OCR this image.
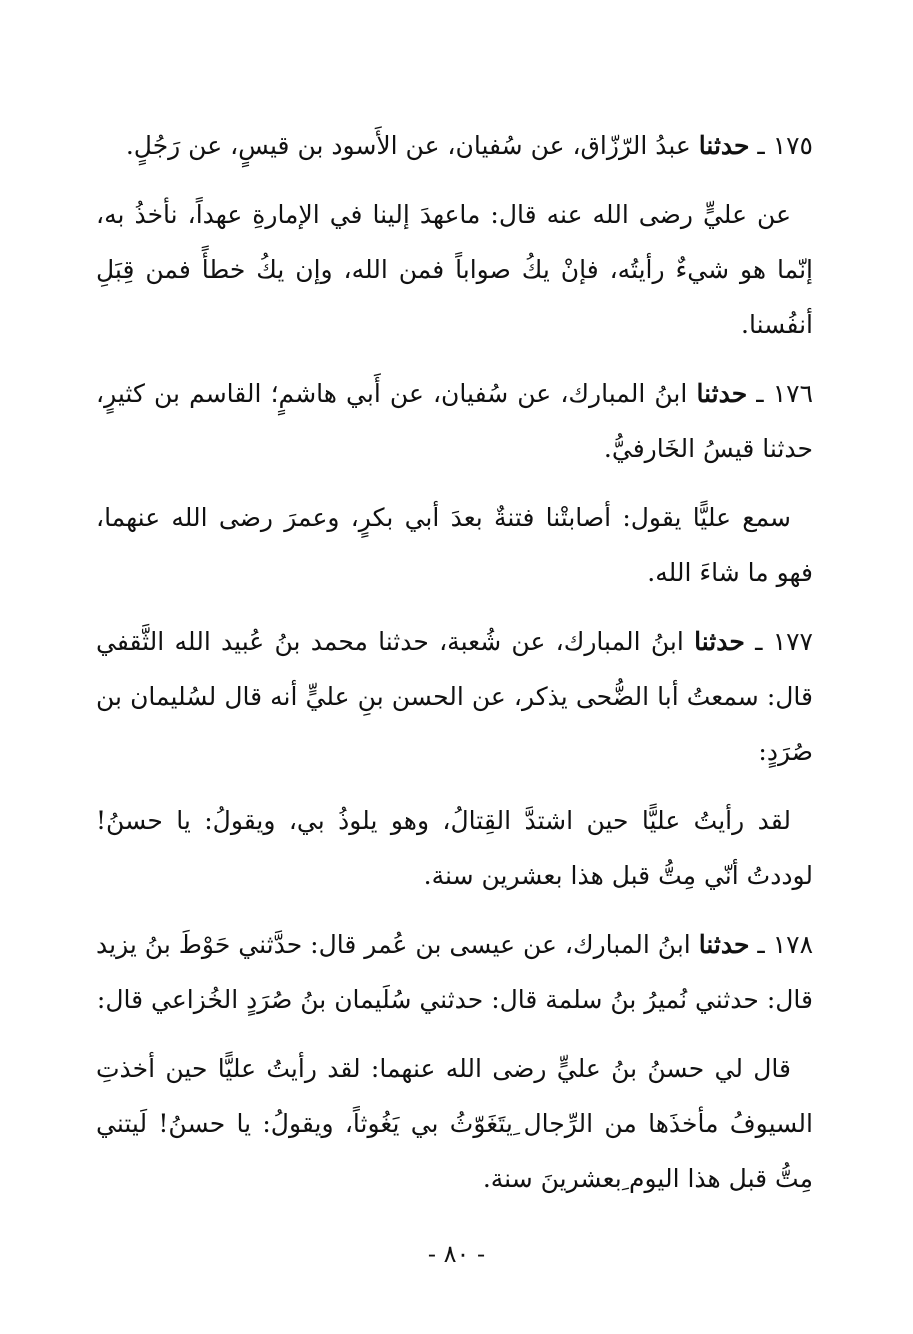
١٧٥ ـ حدثنا عبدُ الرّزّاق، عن سُفيان، عن الأَسود بن قيسٍ، عن رَجُلٍ.

عن عليٍّ رضى الله عنه قال: ماعهدَ إلينا في الإمارةِ عهداً، نأخذُ به، إنّما هو شيءٌ رأيتُه، فإنْ يكُ صواباً فمن الله، وإن يكُ خطأً فمن قِبَلِ أنفُسنا.

١٧٦ ـ حدثنا ابنُ المبارك، عن سُفيان، عن أَبي هاشمٍ؛ القاسم بن كثيرٍ، حدثنا قيسُ الخَارفيُّ.

سمع عليًّا يقول: أصابتْنا فتنةٌ بعدَ أبي بكرٍ، وعمرَ رضى الله عنهما، فهو ما شاءَ الله.

١٧٧ ـ حدثنا ابنُ المبارك، عن شُعبة، حدثنا محمد بنُ عُبيد الله الثَّقفي قال: سمعتُ أبا الضُّحى يذكر، عن الحسن بنِ عليٍّ أنه قال لسُليمان بن صُرَدٍ:

لقد رأيتُ عليًّا حين اشتدَّ القِتالُ، وهو يلوذُ بي، ويقولُ: يا حسنُ! لوددتُ أنّي مِتُّ قبل هذا بعشرين سنة.

١٧٨ ـ حدثنا ابنُ المبارك، عن عيسى بن عُمر قال: حدَّثني حَوْطَ بنُ يزيد قال: حدثني نُميرُ بنُ سلمة قال: حدثني سُلَيمان بنُ صُرَدٍ الخُزاعي قال:

قال لي حسنُ بنُ عليٍّ رضى الله عنهما: لقد رأيتُ عليًّا حين أخذتِ السيوفُ مأخذَها من الرِّجال ِيتَغَوّثُ بي يَغُوثاً، ويقولُ: يا حسنُ! لَيتني مِتُّ قبل هذا اليوم ِبعشرينَ سنة.

- ٨٠ -
